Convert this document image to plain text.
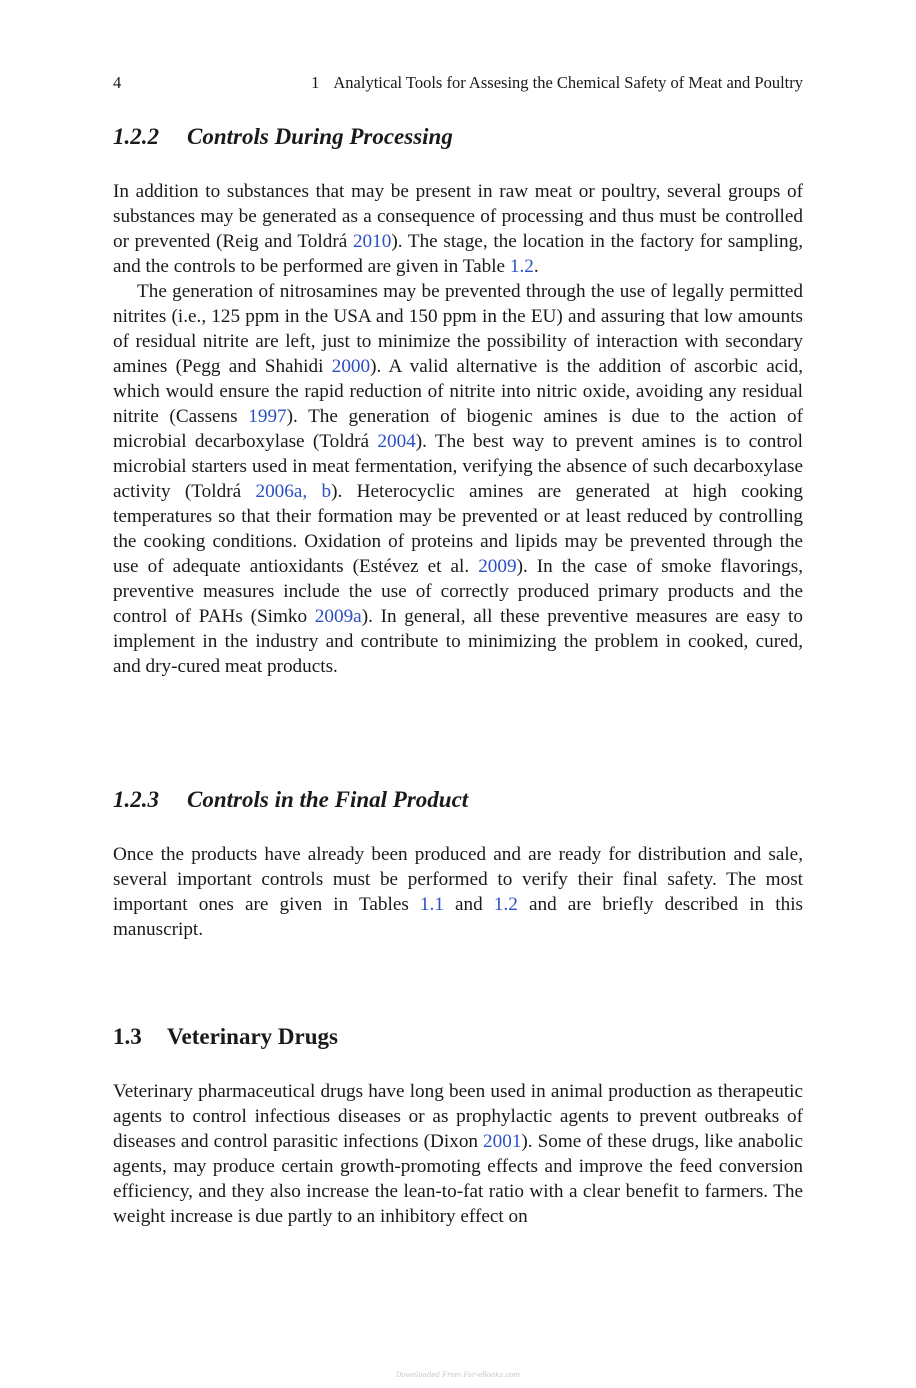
4	1 Analytical Tools for Assesing the Chemical Safety of Meat and Poultry
1.2.2 Controls During Processing

In addition to substances that may be present in raw meat or poultry, several groups of substances may be generated as a consequence of processing and thus must be controlled or prevented (Reig and Toldrá 2010). The stage, the location in the factory for sampling, and the controls to be performed are given in Table 1.2.

The generation of nitrosamines may be prevented through the use of legally permitted nitrites (i.e., 125 ppm in the USA and 150 ppm in the EU) and assuring that low amounts of residual nitrite are left, just to minimize the possibility of interaction with secondary amines (Pegg and Shahidi 2000). A valid alternative is the addition of ascorbic acid, which would ensure the rapid reduction of nitrite into nitric oxide, avoiding any residual nitrite (Cassens 1997). The generation of biogenic amines is due to the action of microbial decarboxylase (Toldrá 2004). The best way to prevent amines is to control microbial starters used in meat fermentation, verifying the absence of such decarboxylase activity (Toldrá 2006a, b). Heterocyclic amines are generated at high cooking temperatures so that their formation may be prevented or at least reduced by controlling the cooking conditions. Oxidation of proteins and lipids may be prevented through the use of adequate antioxidants (Estévez et al. 2009). In the case of smoke flavorings, preventive measures include the use of correctly produced primary products and the control of PAHs (Simko 2009a). In general, all these preventive measures are easy to implement in the industry and contribute to minimizing the problem in cooked, cured, and dry-cured meat products.

1.2.3 Controls in the Final Product

Once the products have already been produced and are ready for distribution and sale, several important controls must be performed to verify their final safety. The most important ones are given in Tables 1.1 and 1.2 and are briefly described in this manuscript.

1.3 Veterinary Drugs

Veterinary pharmaceutical drugs have long been used in animal production as therapeutic agents to control infectious diseases or as prophylactic agents to prevent outbreaks of diseases and control parasitic infections (Dixon 2001). Some of these drugs, like anabolic agents, may produce certain growth-promoting effects and improve the feed conversion efficiency, and they also increase the lean-to-fat ratio with a clear benefit to farmers. The weight increase is due partly to an inhibitory effect on

Downloaded From Fsr-eBooks.com
